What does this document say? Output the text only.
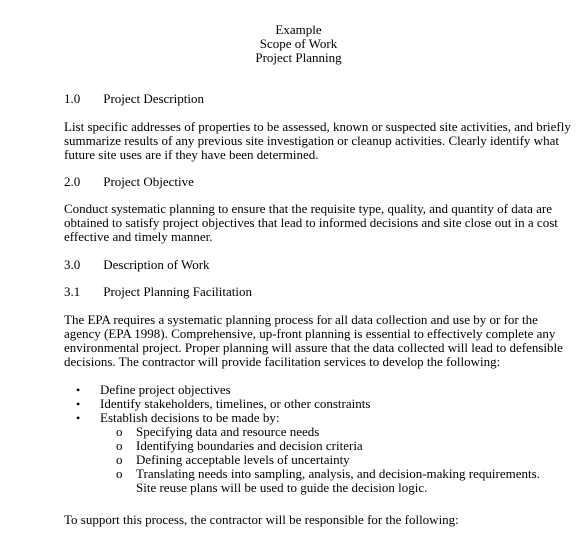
Example
Scope of Work
Project Planning
1.0 Project Description
List specific addresses of properties to be assessed, known or suspected site activities, and briefly
summarize results of any previous site investigation or cleanup activities. Clearly identify what
future site uses are if they have been determined.
2.0 Project Objective
Conduct systematic planning to ensure that the requisite type, quality, and quantity of data are
obtained to satisfy project objectives that lead to informed decisions and site close out in a cost
effective and timely manner.
3.0 Description of Work
3.1 Project Planning Facilitation
The EPA requires a systematic planning process for all data collection and use by or for the
agency (EPA 1998). Comprehensive, up-front planning is essential to effectively complete any
environmental project. Proper planning will assure that the data collected will lead to defensible
decisions. The contractor will provide facilitation services to develop the following:
• Define project objectives
• Identify stakeholders, timelines, or other constraints
• Establish decisions to be made by:
o Specifying data and resource needs
o Identifying boundaries and decision criteria
o Defining acceptable levels of uncertainty
o Translating needs into sampling, analysis, and decision-making requirements.
Site reuse plans will be used to guide the decision logic.
To support this process, the contractor will be responsible for the following:
